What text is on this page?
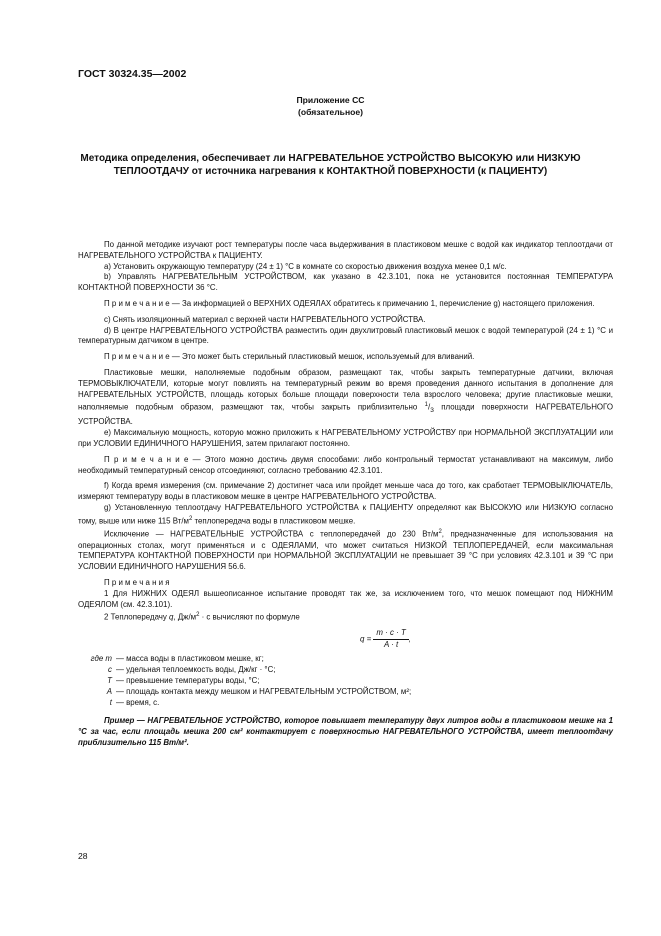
ГОСТ 30324.35—2002
Приложение СС
(обязательное)
Методика определения, обеспечивает ли НАГРЕВАТЕЛЬНОЕ УСТРОЙСТВО ВЫСОКУЮ или НИЗКУЮ ТЕПЛООТДАЧУ от источника нагревания к КОНТАКТНОЙ ПОВЕРХНОСТИ (к ПАЦИЕНТУ)

По данной методике изучают рост температуры после часа выдерживания в пластиковом мешке с водой как индикатор теплоотдачи от НАГРЕВАТЕЛЬНОГО УСТРОЙСТВА к ПАЦИЕНТУ.

а) Установить окружающую температуру (24 ± 1) °С в комнате со скоростью движения воздуха менее 0,1 м/с.

b) Управлять НАГРЕВАТЕЛЬНЫМ УСТРОЙСТВОМ, как указано в 42.3.101, пока не установится постоянная ТЕМПЕРАТУРА КОНТАКТНОЙ ПОВЕРХНОСТИ 36 °С.

П р и м е ч а н и е — За информацией о ВЕРХНИХ ОДЕЯЛАХ обратитесь к примечанию 1, перечисление g) настоящего приложения.

с) Снять изоляционный материал с верхней части НАГРЕВАТЕЛЬНОГО УСТРОЙСТВА.

d) В центре НАГРЕВАТЕЛЬНОГО УСТРОЙСТВА разместить один двухлитровый пластиковый мешок с водой температурой (24 ± 1) °С и температурным датчиком в центре.

П р и м е ч а н и е — Это может быть стерильный пластиковый мешок, используемый для вливаний.

Пластиковые мешки, наполняемые подобным образом, размещают так, чтобы закрыть температурные датчики, включая ТЕРМОВЫКЛЮЧАТЕЛИ, которые могут повлиять на температурный режим во время проведения данного испытания в дополнение для НАГРЕВАТЕЛЬНЫХ УСТРОЙСТВ, площадь которых больше площади поверхности тела взрослого человека; другие пластиковые мешки, наполняемые подобным образом, размещают так, чтобы закрыть приблизительно $^1/_3$ площади поверхности НАГРЕВАТЕЛЬНОГО УСТРОЙСТВА.

е) Максимальную мощность, которую можно приложить к НАГРЕВАТЕЛЬНОМУ УСТРОЙСТВУ при НОРМАЛЬНОЙ ЭКСПЛУАТАЦИИ или при УСЛОВИИ ЕДИНИЧНОГО НАРУШЕНИЯ, затем прилагают постоянно.

П р и м е ч а н и е — Этого можно достичь двумя способами: либо контрольный термостат устанавливают на максимум, либо необходимый температурный сенсор отсоединяют, согласно требованию 42.3.101.

f) Когда время измерения (см. примечание 2) достигнет часа или пройдет меньше часа до того, как сработает ТЕРМОВЫКЛЮЧАТЕЛЬ, измеряют температуру воды в пластиковом мешке в центре НАГРЕВАТЕЛЬНОГО УСТРОЙСТВА.

g) Установленную теплоотдачу НАГРЕВАТЕЛЬНОГО УСТРОЙСТВА к ПАЦИЕНТУ определяют как ВЫСОКУЮ или НИЗКУЮ согласно тому, выше или ниже 115 $Вт/м^2$ теплопередача воды в пластиковом мешке.

Исключение — НАГРЕВАТЕЛЬНЫЕ УСТРОЙСТВА с теплопередачей до 230 $Вт/м^2$, предназначенные для использования на операционных столах, могут применяться и с ОДЕЯЛАМИ, что может считаться НИЗКОЙ ТЕПЛОПЕРЕДАЧЕЙ, если максимальная ТЕМПЕРАТУРА КОНТАКТНОЙ ПОВЕРХНОСТИ при НОРМАЛЬНОЙ ЭКСПЛУАТАЦИИ не превышает 39 °С при условиях 42.3.101 и 39 °С при УСЛОВИИ ЕДИНИЧНОГО НАРУШЕНИЯ 56.6.

П р и м е ч а н и я

1 Для НИЖНИХ ОДЕЯЛ вышеописанное испытание проводят так же, за исключением того, что мешок помещают под НИЖНИМ ОДЕЯЛОМ (см. 42.3.101).

2 Теплопередачу q, $Дж/м^2 \cdot с$ вычисляют по формуле

$q = \frac{m \cdot c \cdot T}{A \cdot t}$ ,
где m — масса воды в пластиковом мешке, кг;
c — удельная теплоемкость воды, Дж/кг · °С;
T — превышение температуры воды, °С;
A — площадь контакта между мешком и НАГРЕВАТЕЛЬНЫМ УСТРОЙСТВОМ, м²;
t — время, с.

Пример — НАГРЕВАТЕЛЬНОЕ УСТРОЙСТВО, которое повышает температуру двух литров воды в пластиковом мешке на 1 °С за час, если площадь мешка 200 см² контактирует с поверхностью НАГРЕВАТЕЛЬНОГО УСТРОЙСТВА, имеет теплоотдачу приблизительно 115 Вт/м².

28
